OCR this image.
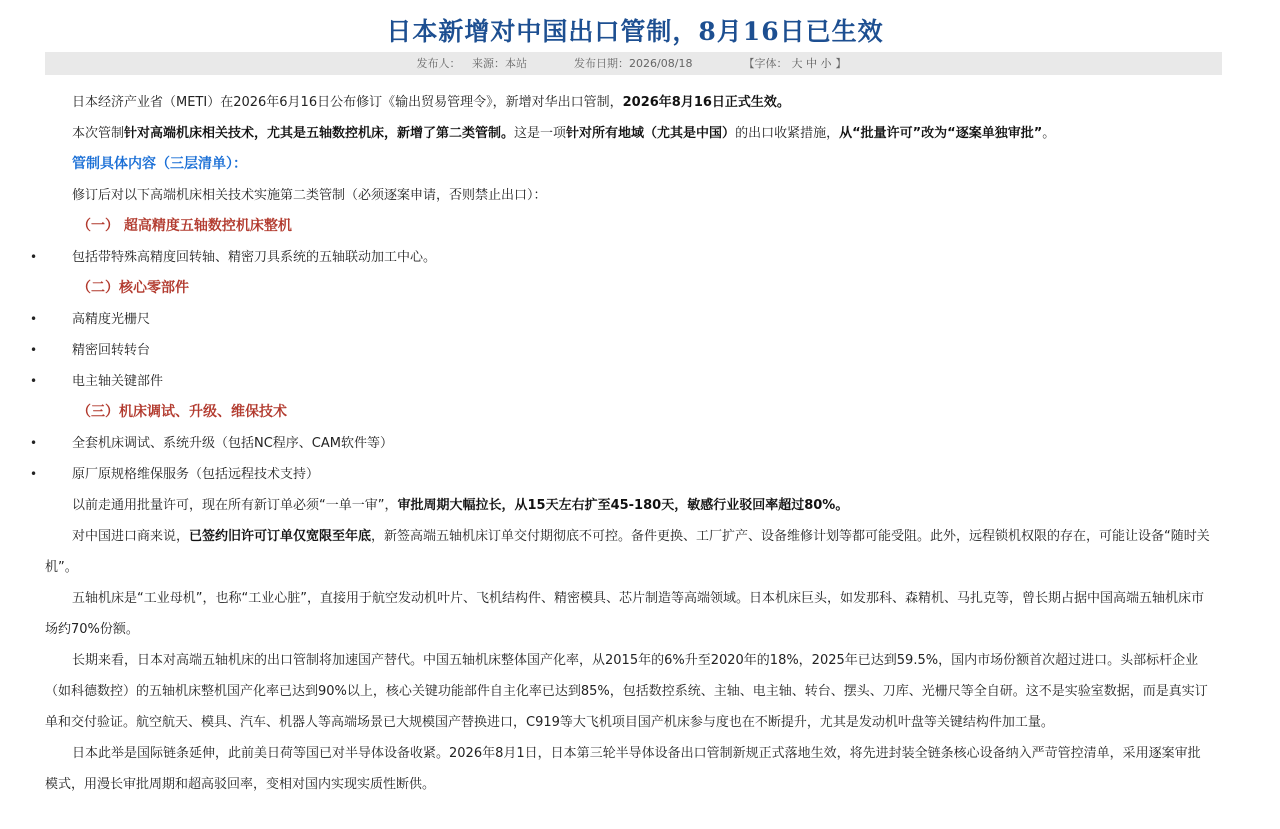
日本新增对中国出口管制，8月16日已生效
发布人： 来源：本站	发布日期：2026/08/18	【字体： 大 中 小 】
日本经济产业省（METI）在2026年6月16日公布修订《输出贸易管理令》，新增对华出口管制，2026年8月16日正式生效。
本次管制针对高端机床相关技术，尤其是五轴数控机床，新增了第二类管制。这是一项针对所有地域（尤其是中国）的出口收紧措施，从“批量许可”改为“逐案单独审批”。
管制具体内容（三层清单）：
修订后对以下高端机床相关技术实施第二类管制（必须逐案申请，否则禁止出口）：
（一） 超高精度五轴数控机床整机
• 包括带特殊高精度回转轴、精密刀具系统的五轴联动加工中心。
（二）核心零部件
• 高精度光栅尺
• 精密回转转台
• 电主轴关键部件
（三）机床调试、升级、维保技术
• 全套机床调试、系统升级（包括NC程序、CAM软件等）
• 原厂原规格维保服务（包括远程技术支持）
以前走通用批量许可，现在所有新订单必须“一单一审”，审批周期大幅拉长，从15天左右扩至45-180天，敏感行业驳回率超过80%。
对中国进口商来说，已签约旧许可订单仅宽限至年底，新签高端五轴机床订单交付期彻底不可控。备件更换、工厂扩产、设备维修计划等都可能受阻。此外，远程锁机权限的存在，可能让设备“随时关机”。
五轴机床是“工业母机”，也称“工业心脏”，直接用于航空发动机叶片、飞机结构件、精密模具、芯片制造等高端领域。日本机床巨头，如发那科、森精机、马扎克等，曾长期占据中国高端五轴机床市场约70%份额。
长期来看，日本对高端五轴机床的出口管制将加速国产替代。中国五轴机床整体国产化率，从2015年的6%升至2020年的18%，2025年已达到59.5%，国内市场份额首次超过进口。头部标杆企业（如科德数控）的五轴机床整机国产化率已达到90%以上，核心关键功能部件自主化率已达到85%，包括数控系统、主轴、电主轴、转台、摆头、刀库、光栅尺等全自研。这不是实验室数据，而是真实订单和交付验证。航空航天、模具、汽车、机器人等高端场景已大规模国产替换进口，C919等大飞机项目国产机床参与度也在不断提升，尤其是发动机叶盘等关键结构件加工量。
日本此举是国际链条延伸，此前美日荷等国已对半导体设备收紧。2026年8月1日，日本第三轮半导体设备出口管制新规正式落地生效，将先进封装全链条核心设备纳入严苛管控清单，采用逐案审批模式，用漫长审批周期和超高驳回率，变相对国内实现实质性断供。
